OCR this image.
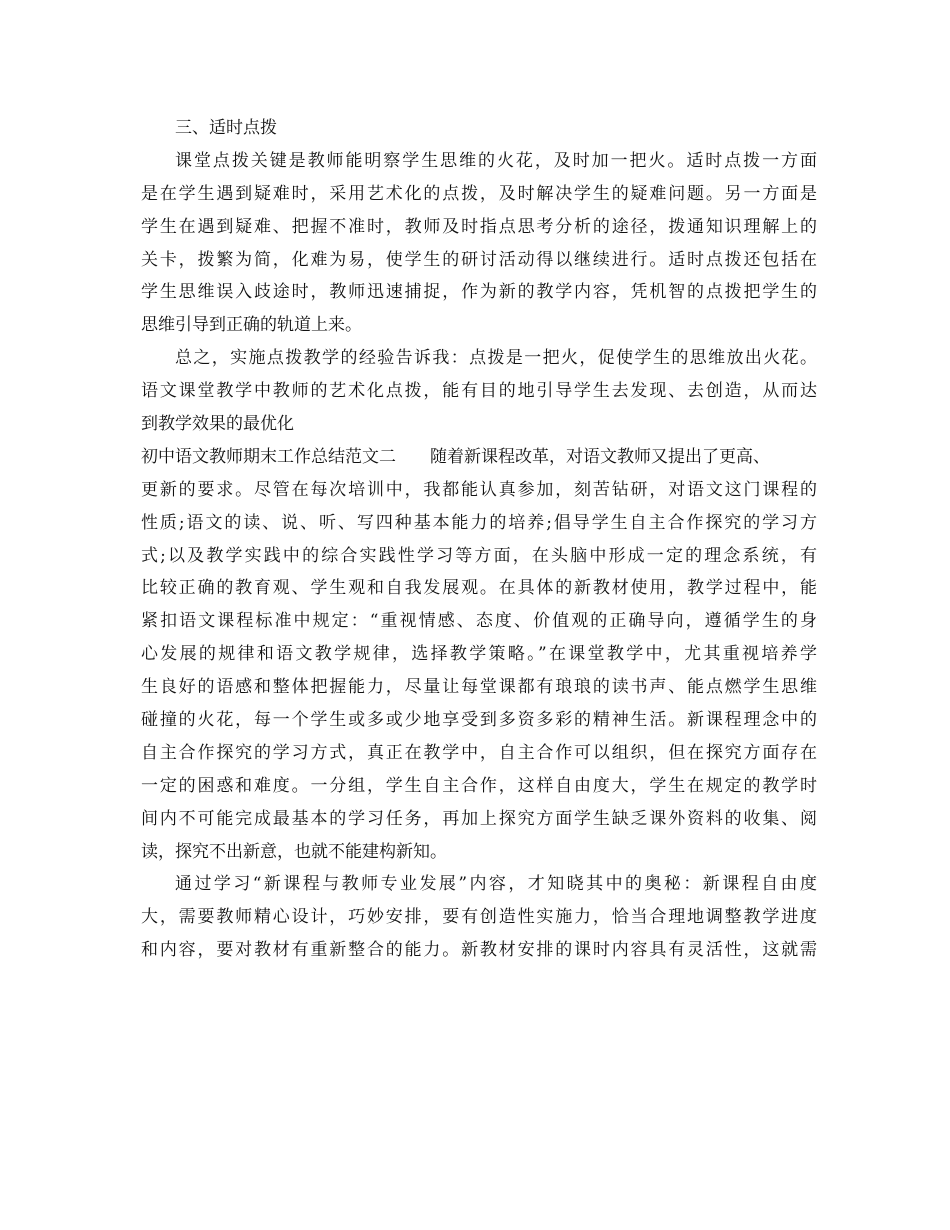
三、适时点拨
课堂点拨关键是教师能明察学生思维的火花，及时加一把火。适时点拨一方面
是在学生遇到疑难时，采用艺术化的点拨，及时解决学生的疑难问题。另一方面是
学生在遇到疑难、把握不准时，教师及时指点思考分析的途径，拨通知识理解上的
关卡，拨繁为简，化难为易，使学生的研讨活动得以继续进行。适时点拨还包括在
学生思维误入歧途时，教师迅速捕捉，作为新的教学内容，凭机智的点拨把学生的
思维引导到正确的轨道上来。
总之，实施点拨教学的经验告诉我：点拨是一把火，促使学生的思维放出火花。
语文课堂教学中教师的艺术化点拨，能有目的地引导学生去发现、去创造，从而达
到教学效果的最优化
初中语文教师期末工作总结范文二 随着新课程改革，对语文教师又提出了更高、
更新的要求。尽管在每次培训中，我都能认真参加，刻苦钻研，对语文这门课程的
性质;语文的读、说、听、写四种基本能力的培养;倡导学生自主合作探究的学习方
式;以及教学实践中的综合实践性学习等方面，在头脑中形成一定的理念系统，有
比较正确的教育观、学生观和自我发展观。在具体的新教材使用，教学过程中，能
紧扣语文课程标准中规定：“重视情感、态度、价值观的正确导向，遵循学生的身
心发展的规律和语文教学规律，选择教学策略。”在课堂教学中，尤其重视培养学
生良好的语感和整体把握能力，尽量让每堂课都有琅琅的读书声、能点燃学生思维
碰撞的火花，每一个学生或多或少地享受到多资多彩的精神生活。新课程理念中的
自主合作探究的学习方式，真正在教学中，自主合作可以组织，但在探究方面存在
一定的困惑和难度。一分组，学生自主合作，这样自由度大，学生在规定的教学时
间内不可能完成最基本的学习任务，再加上探究方面学生缺乏课外资料的收集、阅
读，探究不出新意，也就不能建构新知。
通过学习“新课程与教师专业发展”内容，才知晓其中的奥秘：新课程自由度
大，需要教师精心设计，巧妙安排，要有创造性实施力，恰当合理地调整教学进度
和内容，要对教材有重新整合的能力。新教材安排的课时内容具有灵活性，这就需
